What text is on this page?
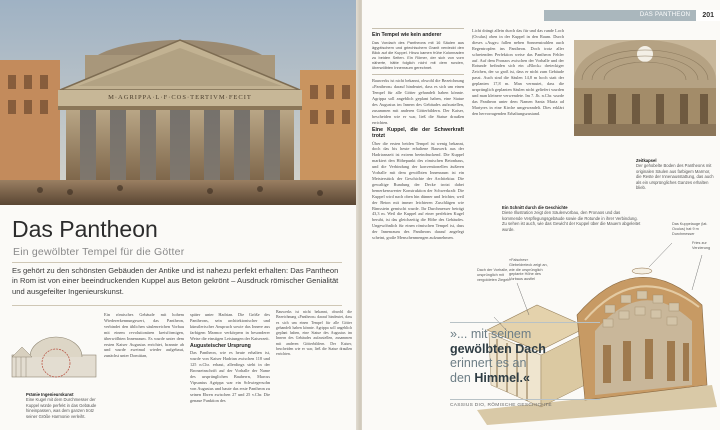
M·AGRIPPA·L·F·COS·TERTIVM·FECIT
Das Pantheon

Ein gewölbter Tempel für die Götter

Es gehört zu den schönsten Gebäuden der Antike und ist nahezu perfekt erhalten: Das Pantheon in Rom ist von einer beeindruckenden Kuppel aus Beton gekrönt – Ausdruck römischer Genialität und ausgefeilter Ingenieurskunst.

Prämie Ingenieurskunst
Eine Kugel mit dem Durchmesser der Kuppel würde perfekt in das Gebäude hineinpassen, was dem ganzen trotz seiner Größe Harmonie verleiht.

Ein römisches Gebäude mit hohem Wiedererkennungswert, das Pantheon, verbindet den üblichen säulenreichen Vorbau mit einem revolutionären kreisförmigen, überwölbten Innenraum. Es wurde unter dem ersten Kaiser Augustus errichtet, brannte ab und wurde zweimal wieder aufgebaut, zunächst unter Domitian,

später unter Hadrian. Die Größe des Pantheons, sein architektonischer und künstlerischer Anspruch sowie das Innere aus farbigem Marmor verkörpern in besonderer Weise die einstigen Leistungen der Kaiserzeit.

Augusteischer Ursprung

Das Pantheon, wie es heute erhalten ist, wurde von Kaiser Hadrian zwischen 118 und 125 n.Chr. erbaut, allerdings steht in der Bronzeinschrift auf der Vorhalle der Name des ursprünglichen Bauherrn, Marcus Vipsanius Agrippa war ein Schwiegersohn von Augustus und baute das erste Pantheon zu seinen Ehren zwischen 27 und 25 v.Chr. Die genaue Funktion des

Bauwerks ist nicht bekannt, obwohl die Bezeichnung »Pantheon« darauf hindeutet, dass es sich um einen Tempel für alle Götter gehandelt haben könnte. Agrippa soll angeblich geplant haben, eine Statue des Augustus im Innern des Gebäudes aufzustellen, zusammen mit anderen Götterbildern. Der Kaiser, bescheiden wie er war, ließ die Statue draußen errichten.

DAS PANTHEON	201
Ein Tempel wie kein anderer

Das Vordach des Pantheons mit 16 Säulen aus ägyptischem und griechischem Granit verdeckt den Blick auf die Kuppel. Hinzu kamen frühe Kolonnaden zu beiden Seiten. Ein Römer, der sich von vorn näherte, hätte folglich nicht mit dem runden, überwölbten Innenraum gerechnet.

Bauwerks ist nicht bekannt, obwohl die Bezeichnung »Pantheon« darauf hindeutet, dass es sich um einen Tempel für alle Götter gehandelt haben könnte. Agrippa soll angeblich geplant haben, eine Statue des Augustus im Innern des Gebäudes aufzustellen, zusammen mit anderen Götterbildern. Der Kaiser, bescheiden wie er war, ließ die Statue draußen errichten.

Eine Kuppel, die der Schwerkraft trotzt

Über die ersten beiden Tempel ist wenig bekannt, doch das bis heute erhaltene Bauwerk aus der Hadrianszeit ist extrem beeindruckend. Die Kuppel markiert den Höhepunkt des römischen Betonbaus, und die Verbindung der konventionellen äußeren Vorhalle mit dem gewölbten Innenraum ist ein Meisterstück der Geschichte der Architektur. Die gewaltige Rundung der Decke trotzt dabei bemerkenswerter Konstruktion der Schwerkraft: Die Kuppel wird nach oben hin dünner und leichter, weil der Beton mit immer leichteren Zuschlägen wie Bimsstein gemischt wurde. Ihr Durchmesser beträgt 43,3 m. Weil die Kuppel auf einer perfekten Kugel beruht, ist das gleichzeitig die Höhe des Gebäudes. Ungewöhnlich für einen römischen Tempel ist, dass der Innenraum des Pantheons darauf angelegt scheint, große Menschenmengen aufzunehmen.

Licht drängt allein durch das für und das runde Loch (Oculus) oben in der Kuppel in den Raum. Durch dieses »Auge« fallen neben Sonnenstrahlen auch Regentropfen ins Pantheon. Doch trotz aller schreienden Perfektion weise das Pantheon Fehler auf. Auf dem Pronaos zwischen der Vorhalle und der Rotunde befinden sich ein »Block« dreieckiger Zeichen, der so groß ist, dass er nicht zum Gebäude passt. Auch sind die Säulen 14,8 m hoch statt der geplanten 17,8 m. Man vermutet, dass die ursprünglich geplanten Säulen nicht geliefert wurden und man kleinere verwendete. Im 7. Jh. n.Chr. wurde das Pantheon unter dem Namen Santa Maria ad Martyres in eine Kirche umgewandelt. Dies erklärt den hervorragenden Erhaltungszustand.

Zeitkapsel
Der gehobelte Boden des Pantheons mit originalen Säulen aus farbigem Marmor, die Reste der Innenausstattung, das auch als ein ursprüngliches Ganzes erhalten blieb.
Ein Schnitt durch die Geschichte
Diese Illustration zeigt den Säulenvorbau, den Pronaos und das kommende Verpflegungsgebäude sowie die Rotunde in ihrer Verbindung. Zu sehen ist auch, wie das Gewicht der Kuppel über die Mauern abgeleitet wurde.
»Falsches« Giebeldreieck zeigt an, wie die ursprünglich geplante Höhe des Vorbaus ausfiel
Dach der Vorhalle, ursprünglich mit vergoldeten Ziegeln
Das Kuppelauge (lat. Oculus) hat 9 m Durchmesser
Fries zur Verzierung
»... mit seinem
gewölbten Dach
erinnert es an
den Himmel.«
CASSIUS DIO, RÖMISCHE GESCHICHTE
